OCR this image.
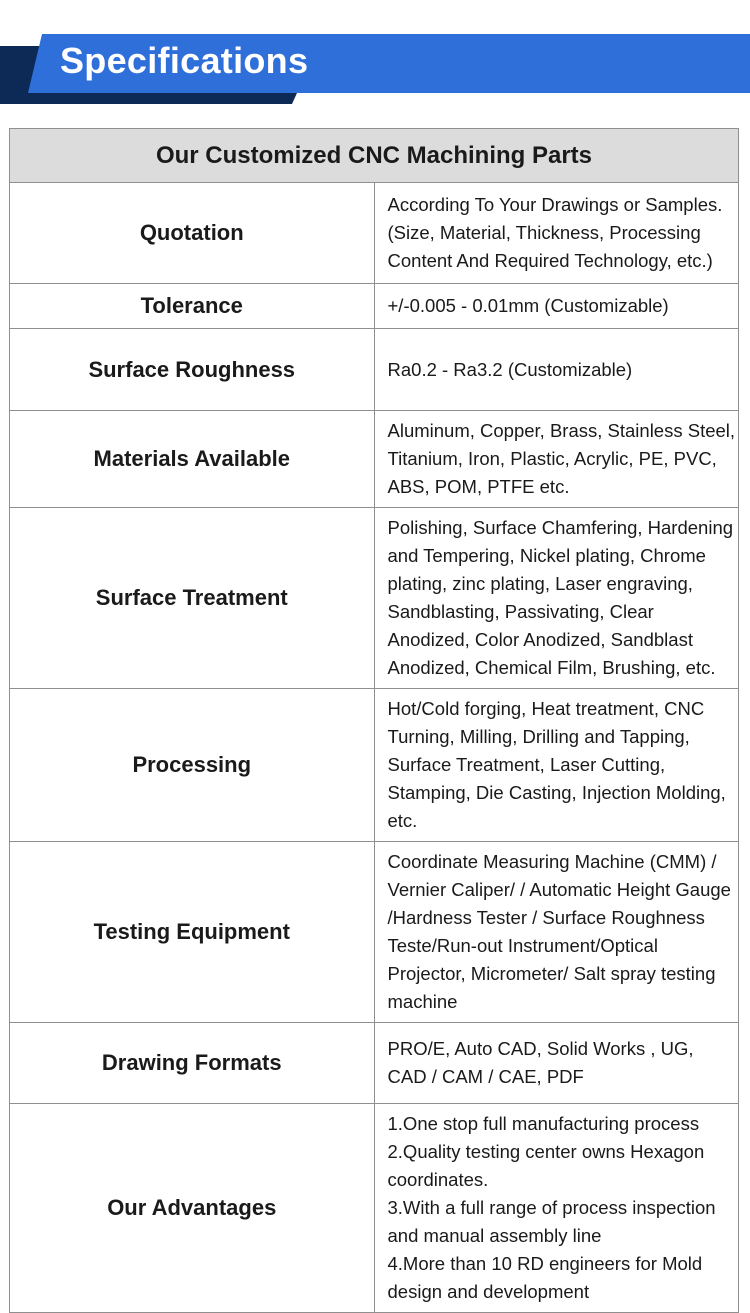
Specifications
Our Customized CNC Machining Parts	
Quotation	According To Your Drawings or Samples. (Size, Material, Thickness, Processing Content And Required Technology, etc.)
Tolerance	+/-0.005 - 0.01mm (Customizable)
Surface Roughness	Ra0.2 - Ra3.2 (Customizable)
Materials Available	Aluminum, Copper, Brass, Stainless Steel, Titanium, Iron, Plastic, Acrylic, PE, PVC, ABS, POM, PTFE etc.
Surface Treatment	Polishing, Surface Chamfering, Hardening and Tempering, Nickel plating, Chrome plating, zinc plating, Laser engraving, Sandblasting, Passivating, Clear Anodized, Color Anodized, Sandblast Anodized, Chemical Film, Brushing, etc.
Processing	Hot/Cold forging, Heat treatment, CNC Turning, Milling, Drilling and Tapping, Surface Treatment, Laser Cutting, Stamping, Die Casting, Injection Molding, etc.
Testing Equipment	Coordinate Measuring Machine (CMM) / Vernier Caliper/ / Automatic Height Gauge /Hardness Tester / Surface Roughness Teste/Run-out Instrument/Optical Projector, Micrometer/ Salt spray testing machine
Drawing Formats	PRO/E, Auto CAD, Solid Works , UG, CAD / CAM / CAE, PDF
Our Advantages	1.One stop full manufacturing process
2.Quality testing center owns Hexagon coordinates.
3.With a full range of process inspection and manual assembly line
4.More than 10 RD engineers for Mold design and development
